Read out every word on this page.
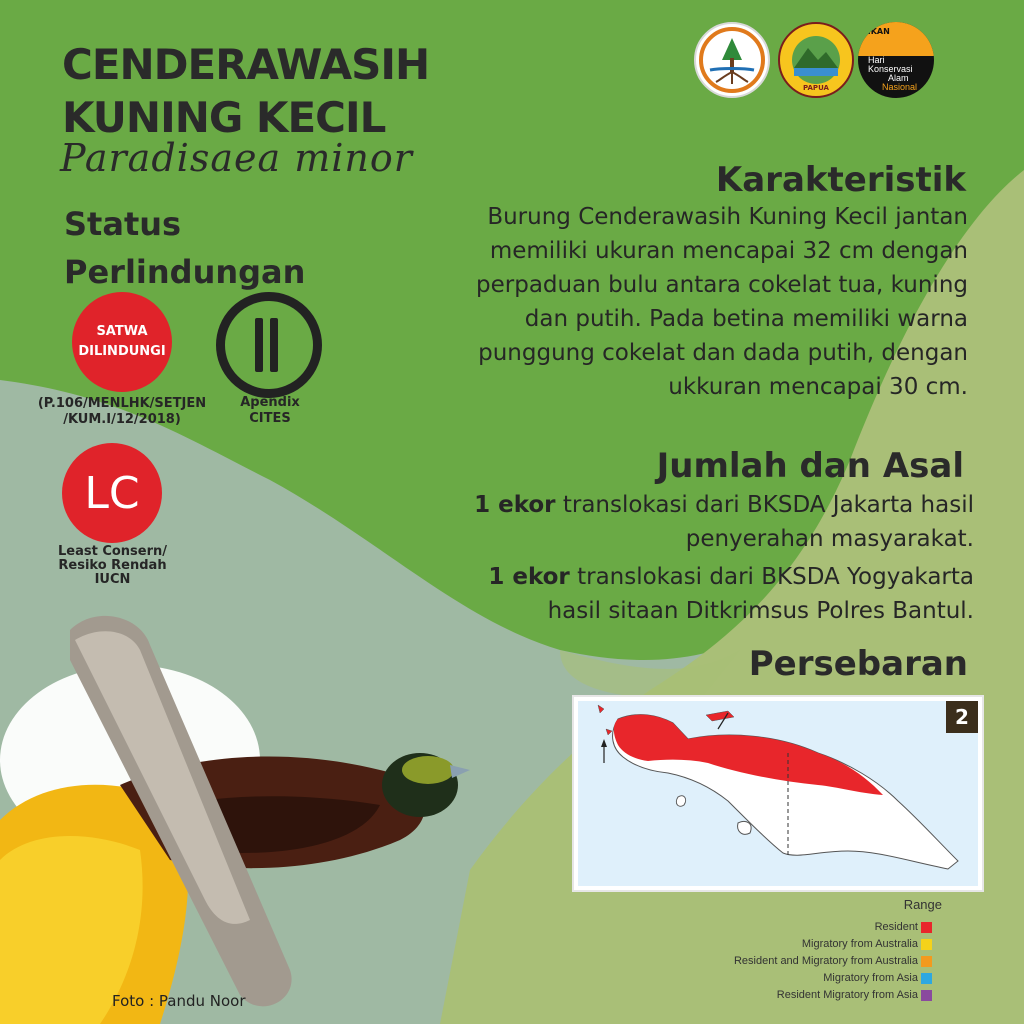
CENDERAWASIH
KUNING KECIL
Paradisaea minor
Status
Perlindungan
SATWA
DILINDUNGI
(P.106/MENLHK/SETJEN
/KUM.I/12/2018)
Apendix
CITES
LC
Least Consern/
Resiko Rendah
IUCN
PAPUA
HKAN
Hari
Konservasi
Alam
Nasional
Karakteristik
Burung Cenderawasih Kuning Kecil jantan
memiliki ukuran mencapai 32 cm dengan
perpaduan bulu antara cokelat tua, kuning
dan putih. Pada betina memiliki warna
punggung cokelat dan dada putih, dengan
ukkuran mencapai 30 cm.
Jumlah dan Asal
1 ekor translokasi dari BKSDA Jakarta hasil
penyerahan masyarakat.
1 ekor translokasi dari BKSDA Yogyakarta
hasil sitaan Ditkrimsus Polres Bantul.
Persebaran
2
Range
Resident
Migratory from Australia
Resident and Migratory from Australia
Migratory from Asia
Resident Migratory from Asia
Foto : Pandu Noor
